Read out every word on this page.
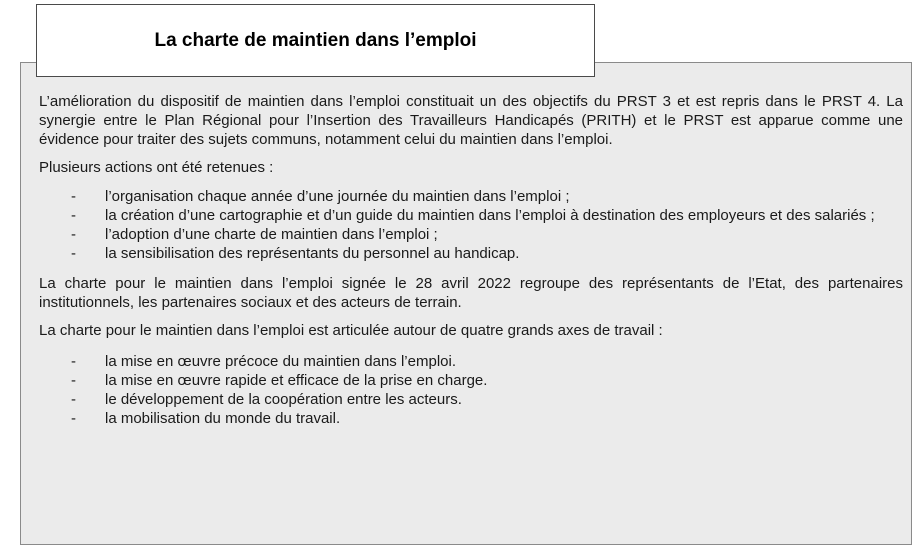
La charte de maintien dans l’emploi

L’amélioration du dispositif de maintien dans l’emploi constituait un des objectifs du PRST 3 et est repris dans le PRST 4. La synergie entre le Plan Régional pour l’Insertion des Travailleurs Handicapés (PRITH) et le PRST est apparue comme une évidence pour traiter des sujets communs, notamment celui du maintien dans l’emploi.

Plusieurs actions ont été retenues :

- l’organisation chaque année d’une journée du maintien dans l’emploi ;
- la création d’une cartographie et d’un guide du maintien dans l’emploi à destination des employeurs et des salariés ;
- l’adoption d’une charte de maintien dans l’emploi ;
- la sensibilisation des représentants du personnel au handicap.

La charte pour le maintien dans l’emploi signée le 28 avril 2022 regroupe des représentants de l’Etat, des partenaires institutionnels, les partenaires sociaux et des acteurs de terrain.

La charte pour le maintien dans l’emploi est articulée autour de quatre grands axes de travail :

- la mise en œuvre précoce du maintien dans l’emploi.
- la mise en œuvre rapide et efficace de la prise en charge.
- le développement de la coopération entre les acteurs.
- la mobilisation du monde du travail.
